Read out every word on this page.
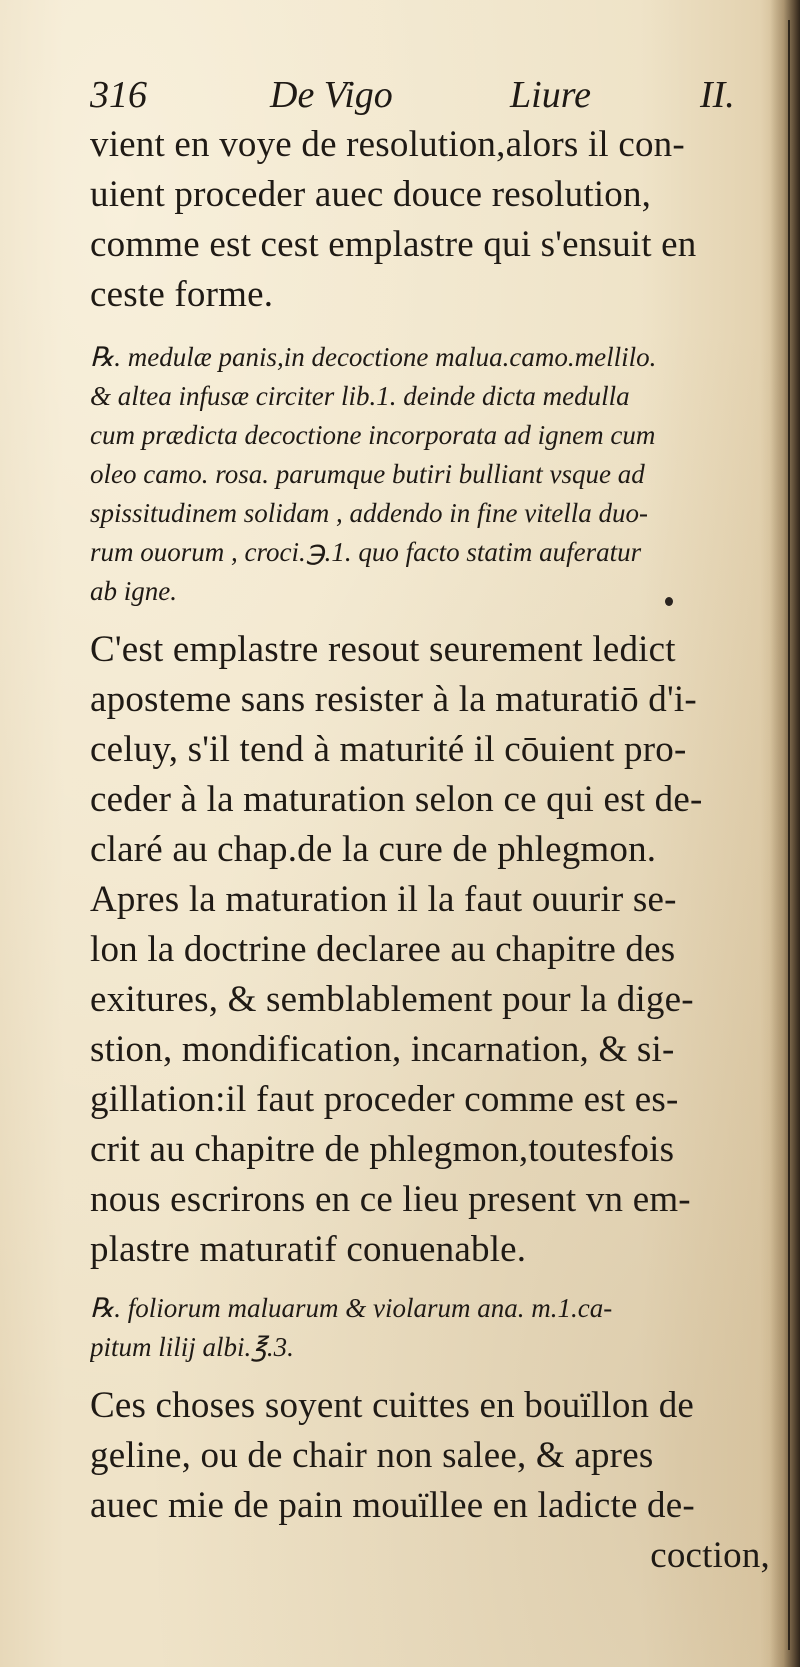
316	De Vigo	Liure	II.
vient en voye de resolution,alors il con-
uient proceder auec douce resolution,
comme est cest emplastre qui s'ensuit en
ceste forme.
℞. medulæ panis,in decoctione malua.camo.mellilo.
& altea infusæ circiter lib.1. deinde dicta medulla
cum prædicta decoctione incorporata ad ignem cum
oleo camo. rosa. parumque butiri bulliant vsque ad
spissitudinem solidam , addendo in fine vitella duo-
rum ouorum , croci.℈.1. quo facto statim auferatur
ab igne.
C'est emplastre resout seurement ledict
aposteme sans resister à la maturatiō d'i-
celuy, s'il tend à maturité il cōuient pro-
ceder à la maturation selon ce qui est de-
claré au chap.de la cure de phlegmon.
Apres la maturation il la faut ouurir se-
lon la doctrine declaree au chapitre des
exitures, & semblablement pour la dige-
stion, mondification, incarnation, & si-
gillation:il faut proceder comme est es-
crit au chapitre de phlegmon,toutesfois
nous escrirons en ce lieu present vn em-
plastre maturatif conuenable.
℞. foliorum maluarum & violarum ana. m.1.ca-
pitum lilij albi.℥.3.
Ces choses soyent cuittes en bouïllon de
geline, ou de chair non salee, & apres
auec mie de pain mouïllee en ladicte de-
coction,
